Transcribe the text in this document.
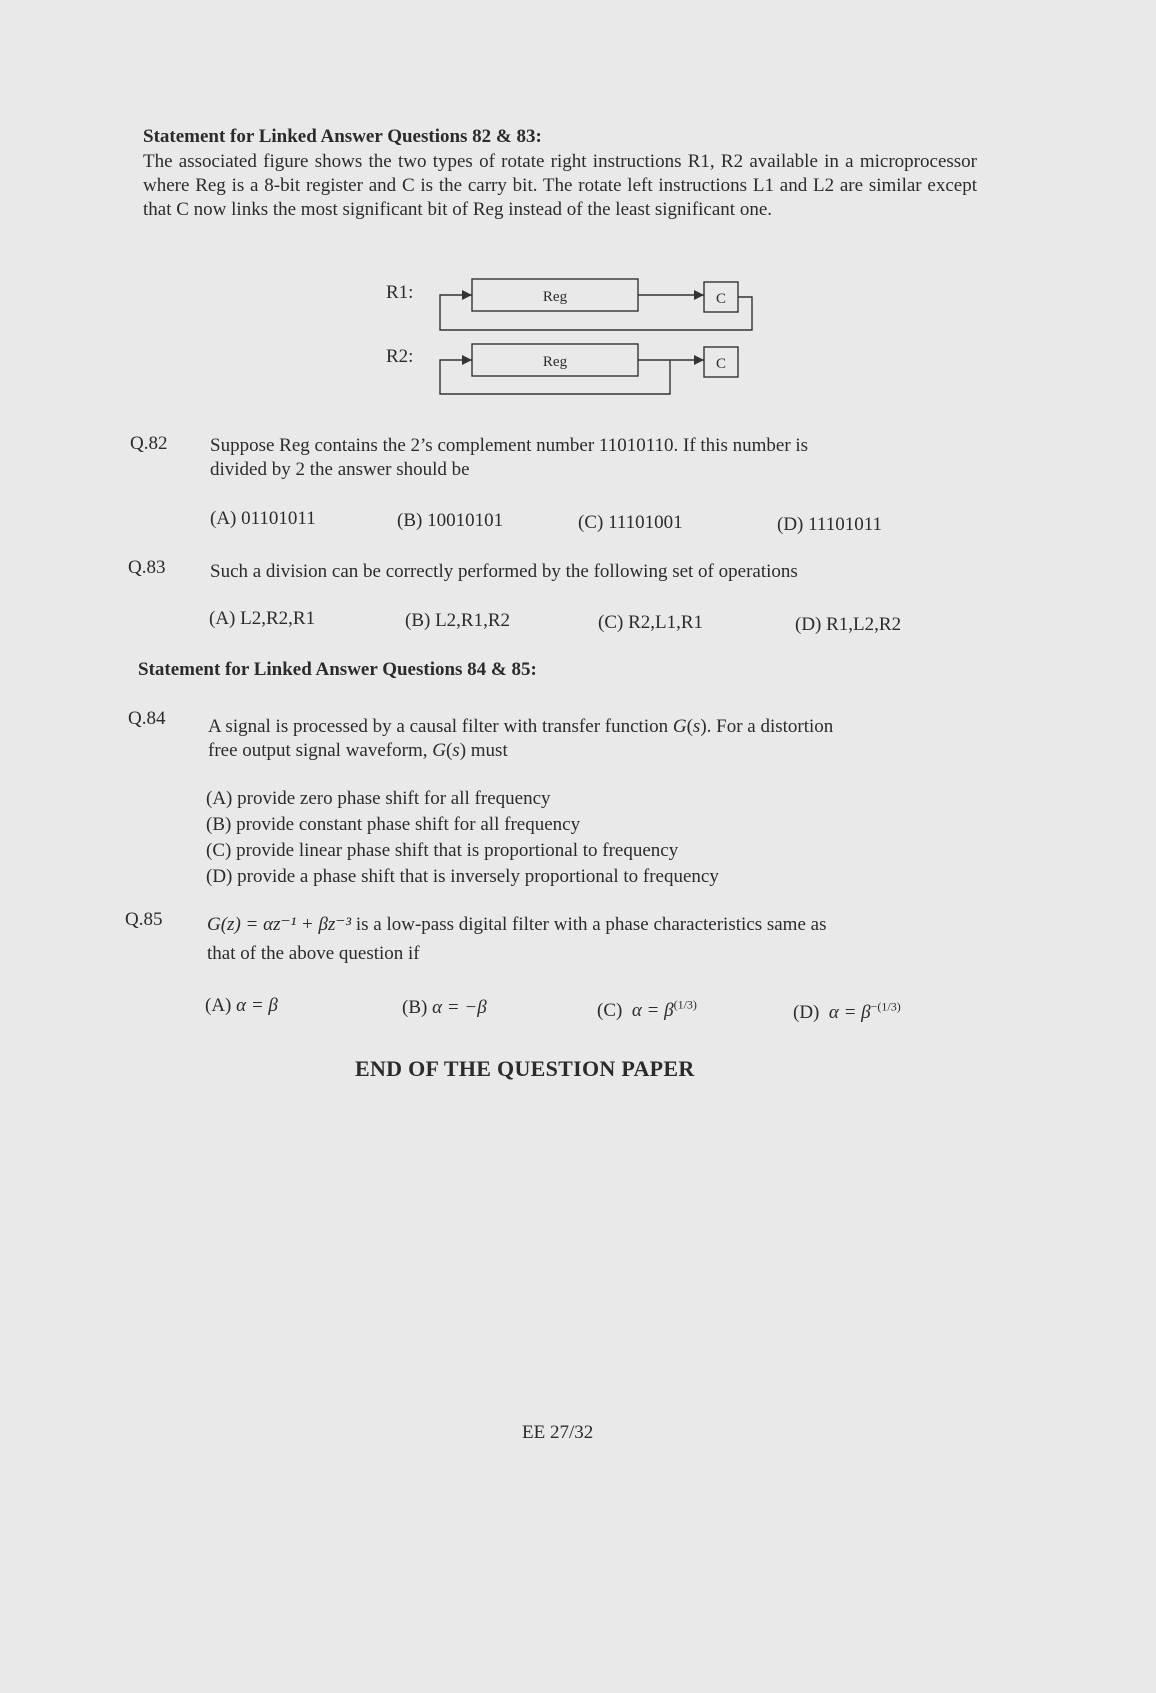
Statement for Linked Answer Questions 82 & 83:
The associated figure shows the two types of rotate right instructions R1, R2 available in a microprocessor where Reg is a 8-bit register and C is the carry bit. The rotate left instructions L1 and L2 are similar except that C now links the most significant bit of Reg instead of the least significant one.
R1:	Reg	C
R2:	Reg	C
Q.82 Suppose Reg contains the 2’s complement number 11010110. If this number is
divided by 2 the answer should be
(A) 01101011	(B) 10010101	(C) 11101001	(D) 11101011
Q.83 Such a division can be correctly performed by the following set of operations
(A) L2,R2,R1	(B) L2,R1,R2	(C) R2,L1,R1	(D) R1,L2,R2
Statement for Linked Answer Questions 84 & 85:
Q.84 A signal is processed by a causal filter with transfer function G(s). For a distortion
free output signal waveform, G(s) must
(A) provide zero phase shift for all frequency
(B) provide constant phase shift for all frequency
(C) provide linear phase shift that is proportional to frequency
(D) provide a phase shift that is inversely proportional to frequency
Q.85 G(z) = αz⁻¹ + βz⁻³ is a low-pass digital filter with a phase characteristics same as
that of the above question if
(A) α = β	(B) α = −β	(C) $\alpha = \beta^{(1/3)}$	(D) $\alpha = \beta^{-(1/3)}$
END OF THE QUESTION PAPER
EE 27/32
